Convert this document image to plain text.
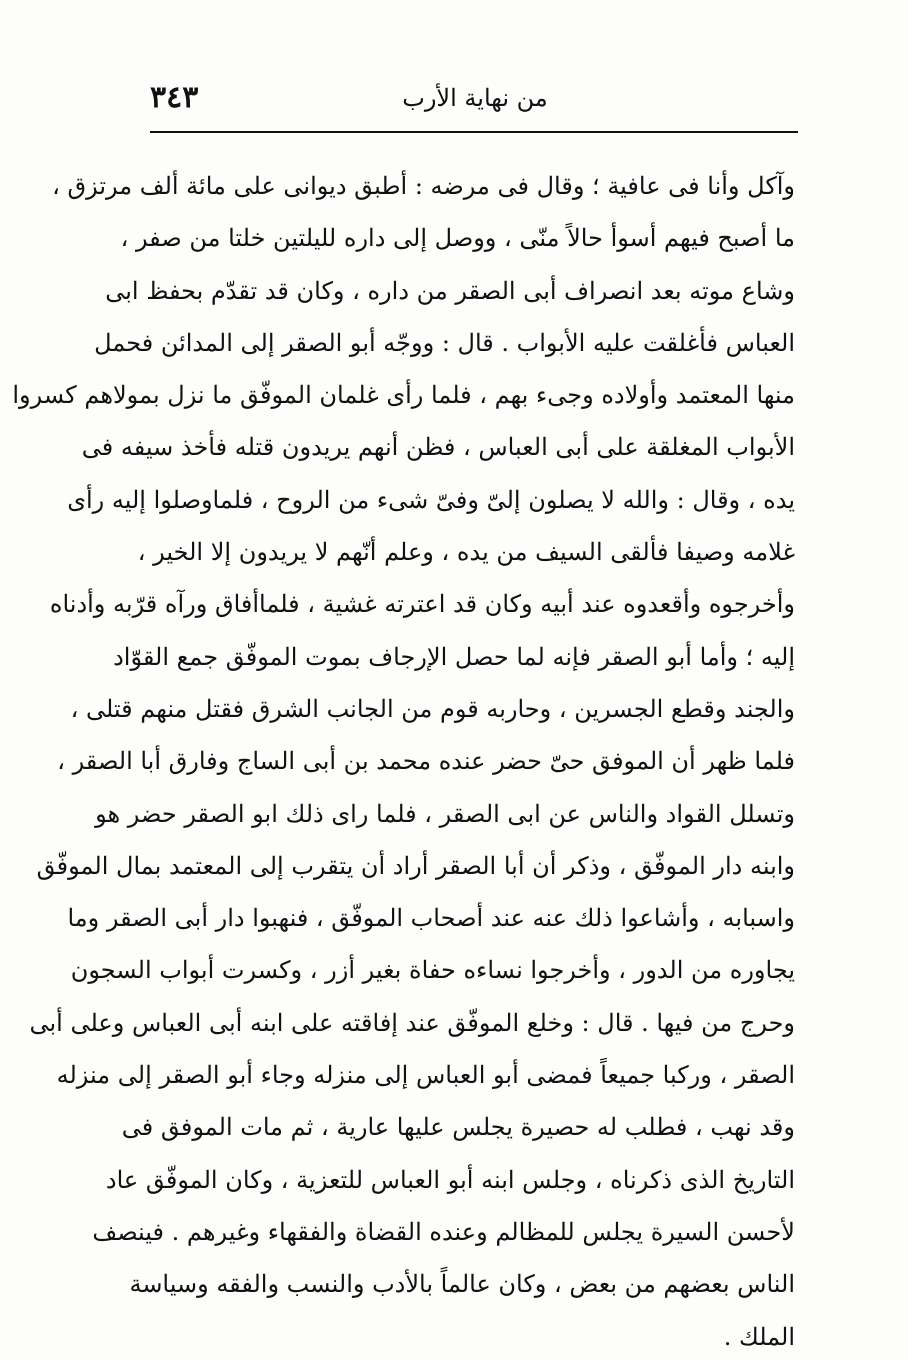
٣٤٣	من نهاية الأرب
وآكل وأنا فى عافية ؛ وقال فى مرضه : أطبق ديوانى على مائة ألف مرتزق ،
ما أصبح فيهم أسوأ حالاً منّى ، ووصل إلى داره لليلتين خلتا من صفر ،
وشاع موته بعد انصراف أبى الصقر من داره ، وكان قد تقدّم بحفظ ابى
العباس فأغلقت عليه الأبواب . قال : ووجّه أبو الصقر إلى المدائن فحمل
منها المعتمد وأولاده وجىء بهم ، فلما رأى غلمان الموفّق ما نزل بمولاهم كسروا
الأبواب المغلقة على أبى العباس ، فظن أنهم يريدون قتله فأخذ سيفه فى
يده ، وقال : والله لا يصلون إلىّ وفىّ شىء من الروح ، فلماوصلوا إليه رأى
غلامه وصيفا فألقى السيف من يده ، وعلم أنّهم لا يريدون إلا الخير ،
وأخرجوه وأقعدوه عند أبيه وكان قد اعترته غشية ، فلماأفاق ورآه قرّبه وأدناه
إليه ؛ وأما أبو الصقر فإنه لما حصل الإرجاف بموت الموفّق جمع القوّاد
والجند وقطع الجسرين ، وحاربه قوم من الجانب الشرق فقتل منهم قتلى ،
فلما ظهر أن الموفق حىّ حضر عنده محمد بن أبى الساج وفارق أبا الصقر ،
وتسلل القواد والناس عن ابى الصقر ، فلما راى ذلك ابو الصقر حضر هو
وابنه دار الموفّق ، وذكر أن أبا الصقر أراد أن يتقرب إلى المعتمد بمال الموفّق
واسبابه ، وأشاعوا ذلك عنه عند أصحاب الموفّق ، فنهبوا دار أبى الصقر وما
يجاوره من الدور ، وأخرجوا نساءه حفاة بغير أزر ، وكسرت أبواب السجون
وحرج من فيها . قال : وخلع الموفّق عند إفاقته على ابنه أبى العباس وعلى أبى
الصقر ، وركبا جميعاً فمضى أبو العباس إلى منزله وجاء أبو الصقر إلى منزله
وقد نهب ، فطلب له حصيرة يجلس عليها عارية ، ثم مات الموفق فى
التاريخ الذى ذكرناه ، وجلس ابنه أبو العباس للتعزية ، وكان الموفّق عاد
لأحسن السيرة يجلس للمظالم وعنده القضاة والفقهاء وغيرهم . فينصف
الناس بعضهم من بعض ، وكان عالماً بالأدب والنسب والفقه وسياسة
الملك .
